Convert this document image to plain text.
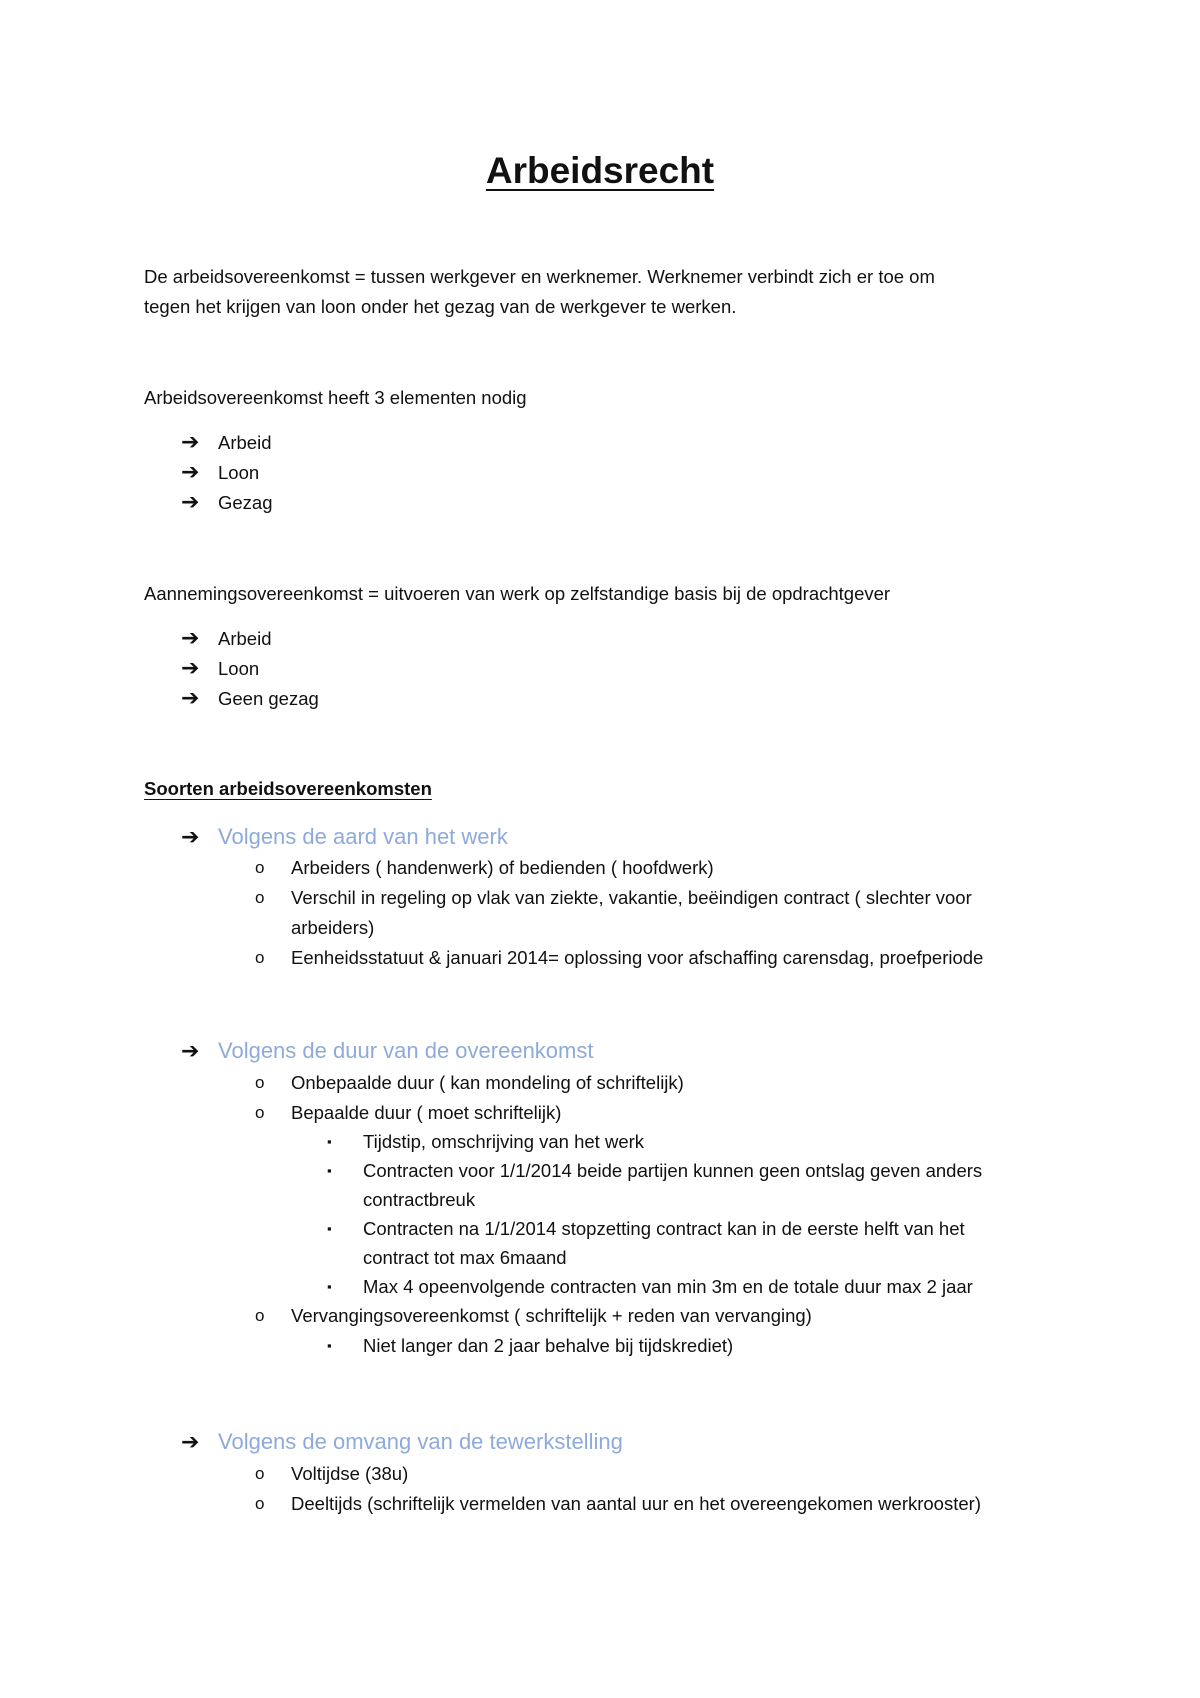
Arbeidsrecht
De arbeidsovereenkomst = tussen werkgever en werknemer. Werknemer verbindt zich er toe om
tegen het krijgen van loon onder het gezag van de werkgever te werken.
Arbeidsovereenkomst heeft 3 elementen nodig
➔ Arbeid
➔ Loon
➔ Gezag
Aannemingsovereenkomst = uitvoeren van werk op zelfstandige basis bij de opdrachtgever
➔ Arbeid
➔ Loon
➔ Geen gezag
Soorten arbeidsovereenkomsten
➔ Volgens de aard van het werk
o Arbeiders ( handenwerk) of bedienden ( hoofdwerk)
o Verschil in regeling op vlak van ziekte, vakantie, beëindigen contract ( slechter voor
arbeiders)
o Eenheidsstatuut & januari 2014= oplossing voor afschaffing carensdag, proefperiode
➔ Volgens de duur van de overeenkomst
o Onbepaalde duur ( kan mondeling of schriftelijk)
o Bepaalde duur ( moet schriftelijk)
▪ Tijdstip, omschrijving van het werk
▪ Contracten voor 1/1/2014 beide partijen kunnen geen ontslag geven anders
contractbreuk
▪ Contracten na 1/1/2014 stopzetting contract kan in de eerste helft van het
contract tot max 6maand
▪ Max 4 opeenvolgende contracten van min 3m en de totale duur max 2 jaar
o Vervangingsovereenkomst ( schriftelijk + reden van vervanging)
▪ Niet langer dan 2 jaar behalve bij tijdskrediet)
➔ Volgens de omvang van de tewerkstelling
o Voltijdse (38u)
o Deeltijds (schriftelijk vermelden van aantal uur en het overeengekomen werkrooster)
